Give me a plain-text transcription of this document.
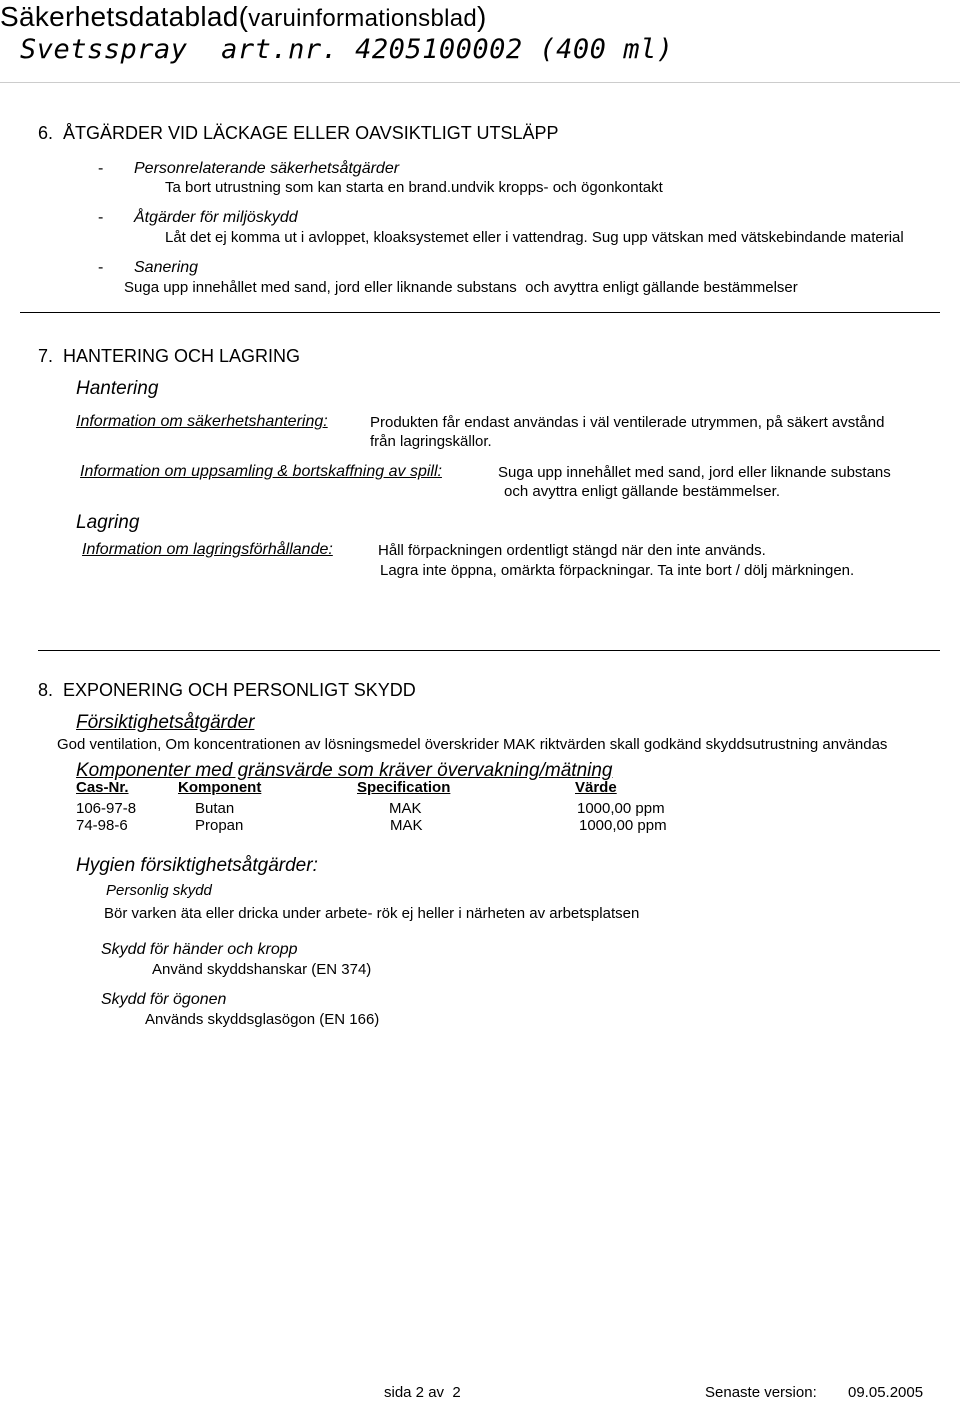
Säkerhetsdatablad(varuinformationsblad)
Svetsspray  art.nr. 4205100002 (400 ml)
6.  ÅTGÄRDER VID LÄCKAGE ELLER OAVSIKTLIGT UTSLÄPP
- Personrelaterande säkerhetsåtgärder
Ta bort utrustning som kan starta en brand.undvik kropps- och ögonkontakt
- Åtgärder för miljöskydd
Låt det ej komma ut i avloppet, kloaksystemet eller i vattendrag. Sug upp vätskan med vätskebindande material
- Sanering
Suga upp innehållet med sand, jord eller liknande substans  och avyttra enligt gällande bestämmelser
7.  HANTERING OCH LAGRING
Hantering
Information om säkerhetshantering:	Produkten får endast användas i väl ventilerade utrymmen, på säkert avstånd
från lagringskällor.
Information om uppsamling & bortskaffning av spill:	Suga upp innehållet med sand, jord eller liknande substans
och avyttra enligt gällande bestämmelser.
Lagring
Information om lagringsförhållande:	Håll förpackningen ordentligt stängd när den inte används.
Lagra inte öppna, omärkta förpackningar. Ta inte bort / dölj märkningen.
8.  EXPONERING OCH PERSONLIGT SKYDD
Försiktighetsåtgärder
God ventilation, Om koncentrationen av lösningsmedel överskrider MAK riktvärden skall godkänd skyddsutrustning användas
Komponenter med gränsvärde som kräver övervakning/mätning
Cas-Nr.	Komponent	Specification	Värde
106-97-8	Butan	MAK	1000,00 ppm
74-98-6	Propan	MAK	1000,00 ppm
Hygien försiktighetsåtgärder:
Personlig skydd
Bör varken äta eller dricka under arbete- rök ej heller i närheten av arbetsplatsen
Skydd för händer och kropp
Använd skyddshanskar (EN 374)
Skydd för ögonen
Används skyddsglasögon (EN 166)
sida 2 av  2	Senaste version: 09.05.2005
